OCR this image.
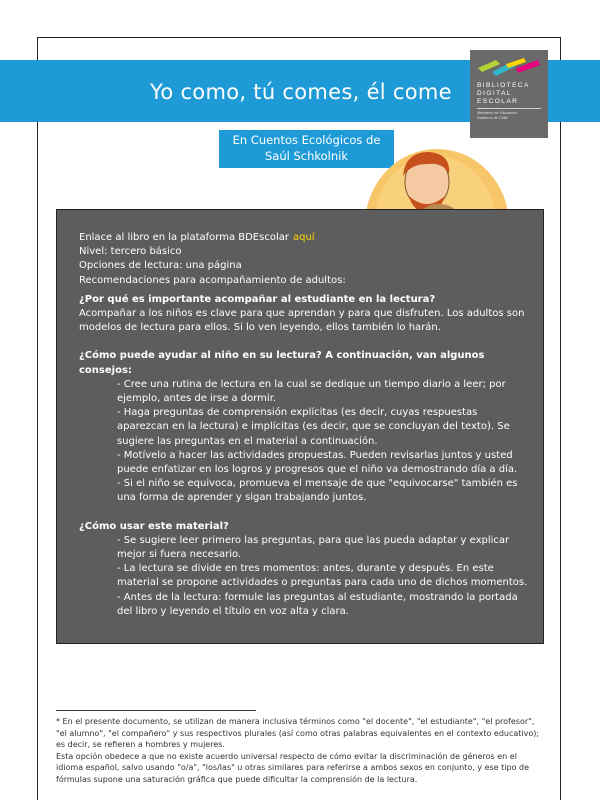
Yo como, tú comes, él come	BIBLIOTECA
DIGITAL
ESCOLAR
Ministerio de Educación
Gobierno de Chile
En Cuentos Ecológicos de
Saúl Schkolnik

Enlace al libro en la plataforma BDEscolar aquí

Nivel: tercero básico

Opciones de lectura: una página

Recomendaciones para acompañamiento de adultos:

¿Por qué es importante acompañar al estudiante en la lectura?

Acompañar a los niños es clave para que aprendan y para que disfruten. Los adultos son modelos de lectura para ellos. Si lo ven leyendo, ellos también lo harán.

¿Cómo puede ayudar al niño en su lectura? A continuación, van algunos consejos:

- Cree una rutina de lectura en la cual se dedique un tiempo diario a leer; por ejemplo, antes de irse a dormir.

- Haga preguntas de comprensión explícitas (es decir, cuyas respuestas aparezcan en la lectura) e implícitas (es decir, que se concluyan del texto). Se sugiere las preguntas en el material a continuación.

- Motívelo a hacer las actividades propuestas. Pueden revisarlas juntos y usted puede enfatizar en los logros y progresos que el niño va demostrando día a día.

- Si el niño se equivoca, promueva el mensaje de que "equivocarse" también es una forma de aprender y sigan trabajando juntos.

¿Cómo usar este material?

- Se sugiere leer primero las preguntas, para que las pueda adaptar y explicar mejor si fuera necesario.

- La lectura se divide en tres momentos: antes, durante y después. En este material se propone actividades o preguntas para cada uno de dichos momentos.

- Antes de la lectura: formule las preguntas al estudiante, mostrando la portada del libro y leyendo el título en voz alta y clara.

* En el presente documento, se utilizan de manera inclusiva términos como "el docente", "el estudiante", "el profesor", "el alumno", "el compañero" y sus respectivos plurales (así como otras palabras equivalentes en el contexto educativo); es decir, se refieren a hombres y mujeres.

Esta opción obedece a que no existe acuerdo universal respecto de cómo evitar la discriminación de géneros en el idioma español, salvo usando "o/a", "los/las" u otras similares para referirse a ambos sexos en conjunto, y ese tipo de fórmulas supone una saturación gráfica que puede dificultar la comprensión de la lectura.
